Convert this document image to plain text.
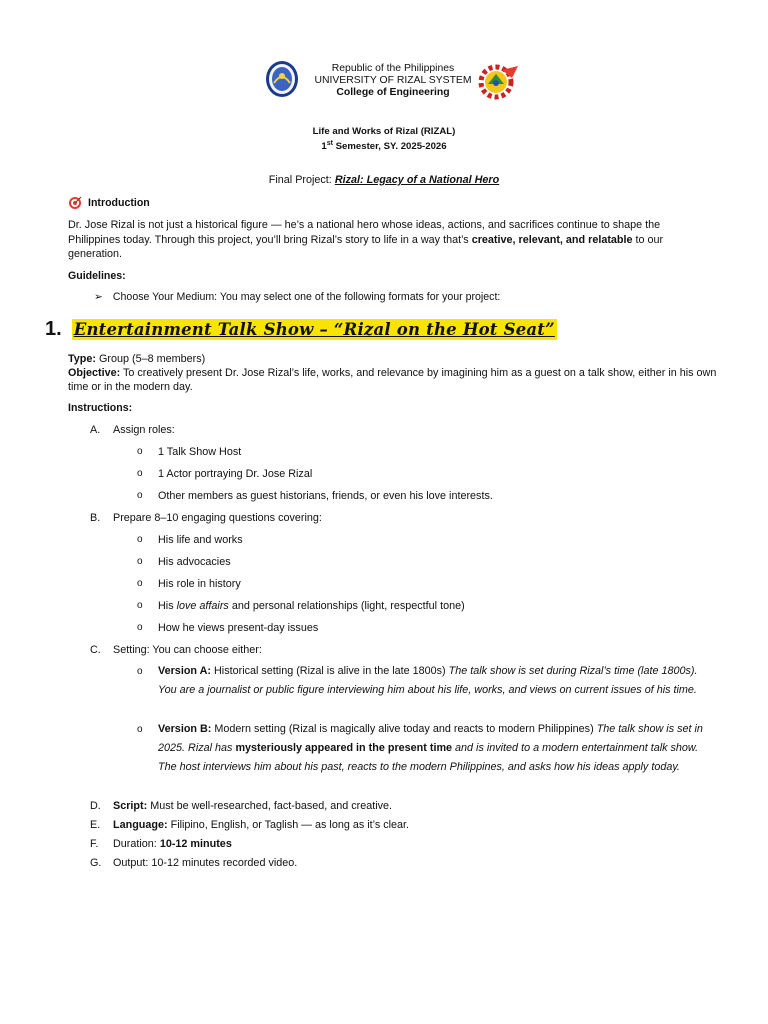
Republic of the Philippines
UNIVERSITY OF RIZAL SYSTEM
College of Engineering
Life and Works of Rizal (RIZAL)
1st Semester, SY. 2025-2026
Final Project: Rizal: Legacy of a National Hero
Introduction
Dr. Jose Rizal is not just a historical figure — he’s a national hero whose ideas, actions, and sacrifices continue to shape the Philippines today. Through this project, you’ll bring Rizal’s story to life in a way that’s creative, relevant, and relatable to our generation.
Guidelines:
➢ Choose Your Medium: You may select one of the following formats for your project:
1. Entertainment Talk Show – “Rizal on the Hot Seat”
Type: Group (5–8 members)
Objective: To creatively present Dr. Jose Rizal’s life, works, and relevance by imagining him as a guest on a talk show, either in his own time or in the modern day.
Instructions:
A.	Assign roles:
o	1 Talk Show Host
o	1 Actor portraying Dr. Jose Rizal
o	Other members as guest historians, friends, or even his love interests.
B.	Prepare 8–10 engaging questions covering:
o	His life and works
o	His advocacies
o	His role in history
o	His love affairs and personal relationships (light, respectful tone)
o	How he views present-day issues
C.	Setting: You can choose either:
o	Version A: Historical setting (Rizal is alive in the late 1800s) The talk show is set during Rizal’s time (late 1800s). You are a journalist or public figure interviewing him about his life, works, and views on current issues of his time.
o	Version B: Modern setting (Rizal is magically alive today and reacts to modern Philippines) The talk show is set in 2025. Rizal has mysteriously appeared in the present time and is invited to a modern entertainment talk show. The host interviews him about his past, reacts to the modern Philippines, and asks how his ideas apply today.
D.	Script: Must be well-researched, fact-based, and creative.
E.	Language: Filipino, English, or Taglish — as long as it’s clear.
F.	Duration: 10-12 minutes
G.	Output: 10-12 minutes recorded video.
